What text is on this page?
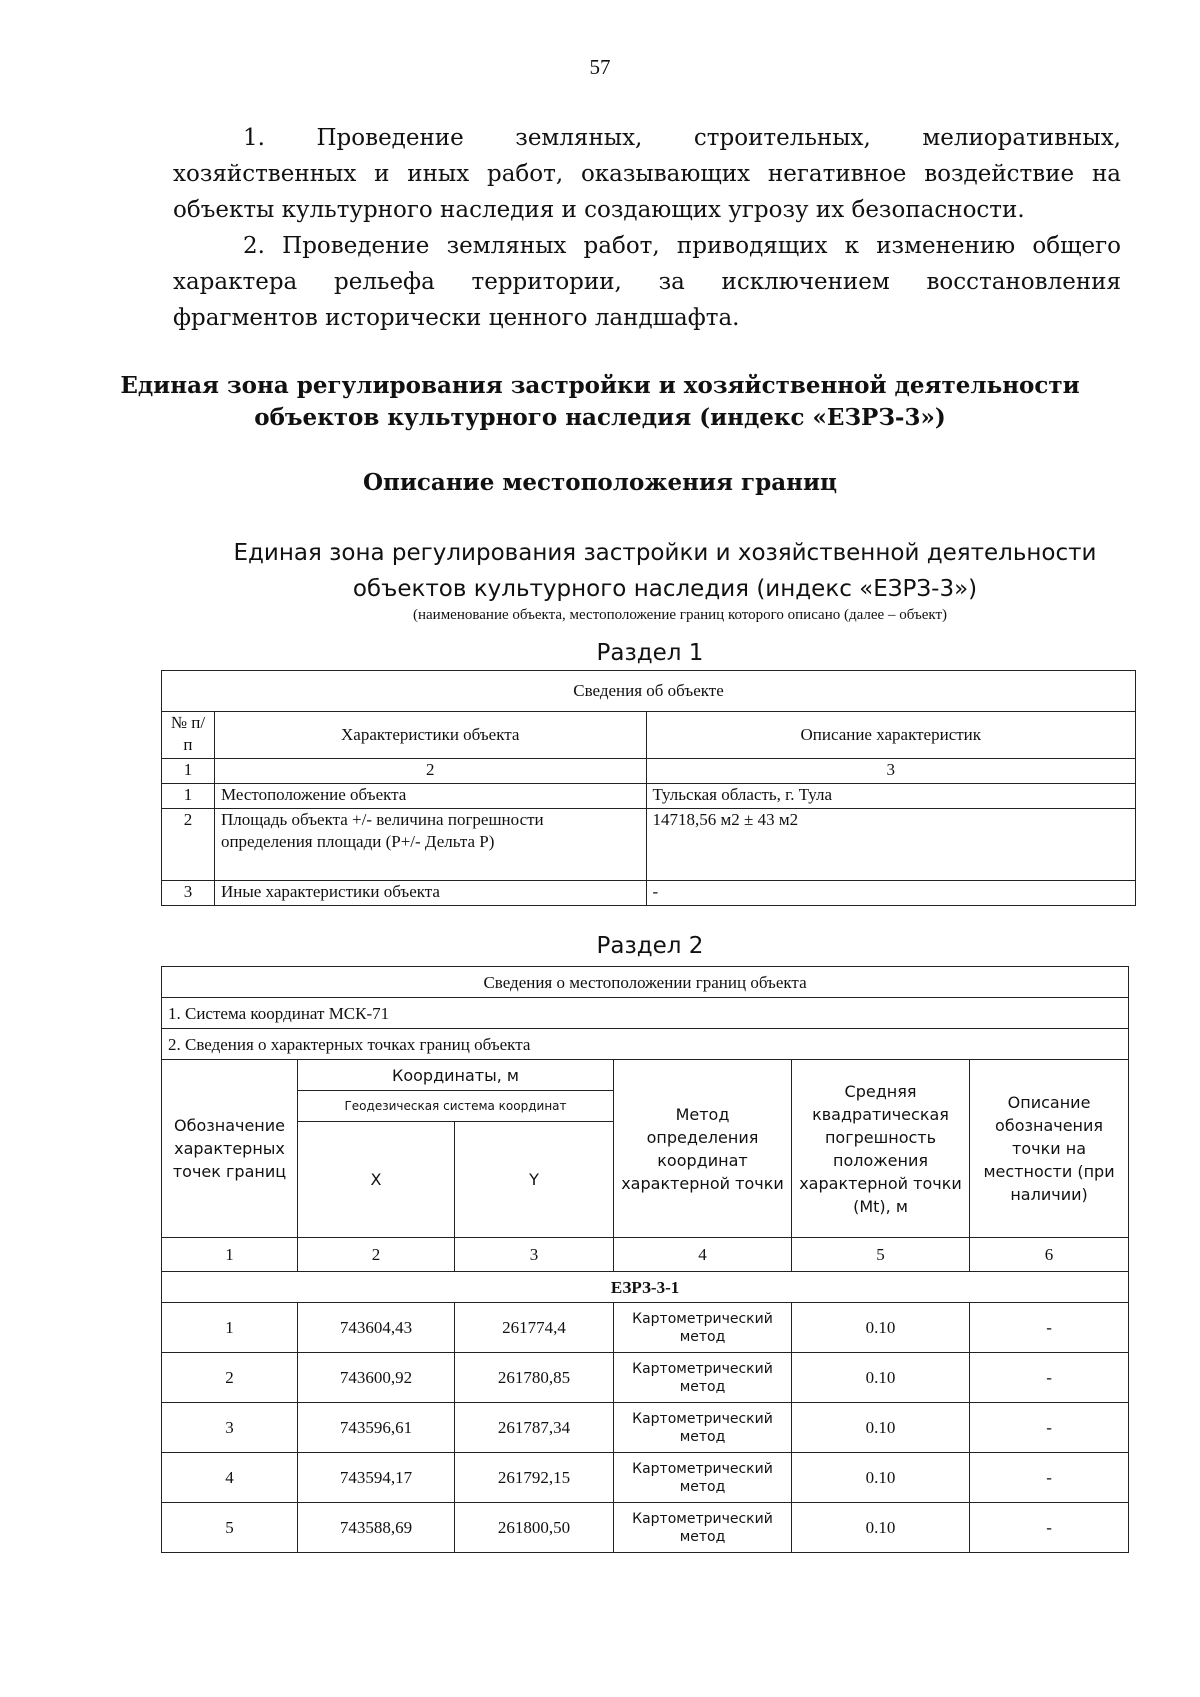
57

1. Проведение земляных, строительных, мелиоративных, хозяйственных и иных работ, оказывающих негативное воздействие на объекты культурного наследия и создающих угрозу их безопасности.

2. Проведение земляных работ, приводящих к изменению общего характера рельефа территории, за исключением восстановления фрагментов исторически ценного ландшафта.

Единая зона регулирования застройки и хозяйственной деятельности
объектов культурного наследия (индекс «ЕЗРЗ-3»)
Описание местоположения границ
Единая зона регулирования застройки и хозяйственной деятельности
объектов культурного наследия (индекс «ЕЗРЗ-3»)
(наименование объекта, местоположение границ которого описано (далее – объект)
Раздел 1
Сведения об объекте		
№ п/п	Характеристики объекта	Описание характеристик
1	2	3
1	Местоположение объекта	Тульская область, г. Тула
2	Площадь объекта +/- величина погрешности определения площади (Р+/- Дельта Р)	14718,56 м2 ± 43 м2
3	Иные характеристики объекта	-
Раздел 2
Сведения о местоположении границ объекта					
1. Система координат МСК-71					
2. Сведения о характерных точках границ объекта					
Обозначение характерных точек границ	Координаты, м		Метод определения координат характерной точки	Средняя квадратическая погрешность положения характерной точки (Mt), м	Описание обозначения точки на местности (при наличии)
	Геодезическая система координат				
	X	Y			
1	2	3	4	5	6
ЕЗРЗ-3-1					
1	743604,43	261774,4	Картометрический метод	0.10	-
2	743600,92	261780,85	Картометрический метод	0.10	-
3	743596,61	261787,34	Картометрический метод	0.10	-
4	743594,17	261792,15	Картометрический метод	0.10	-
5	743588,69	261800,50	Картометрический метод	0.10	-
